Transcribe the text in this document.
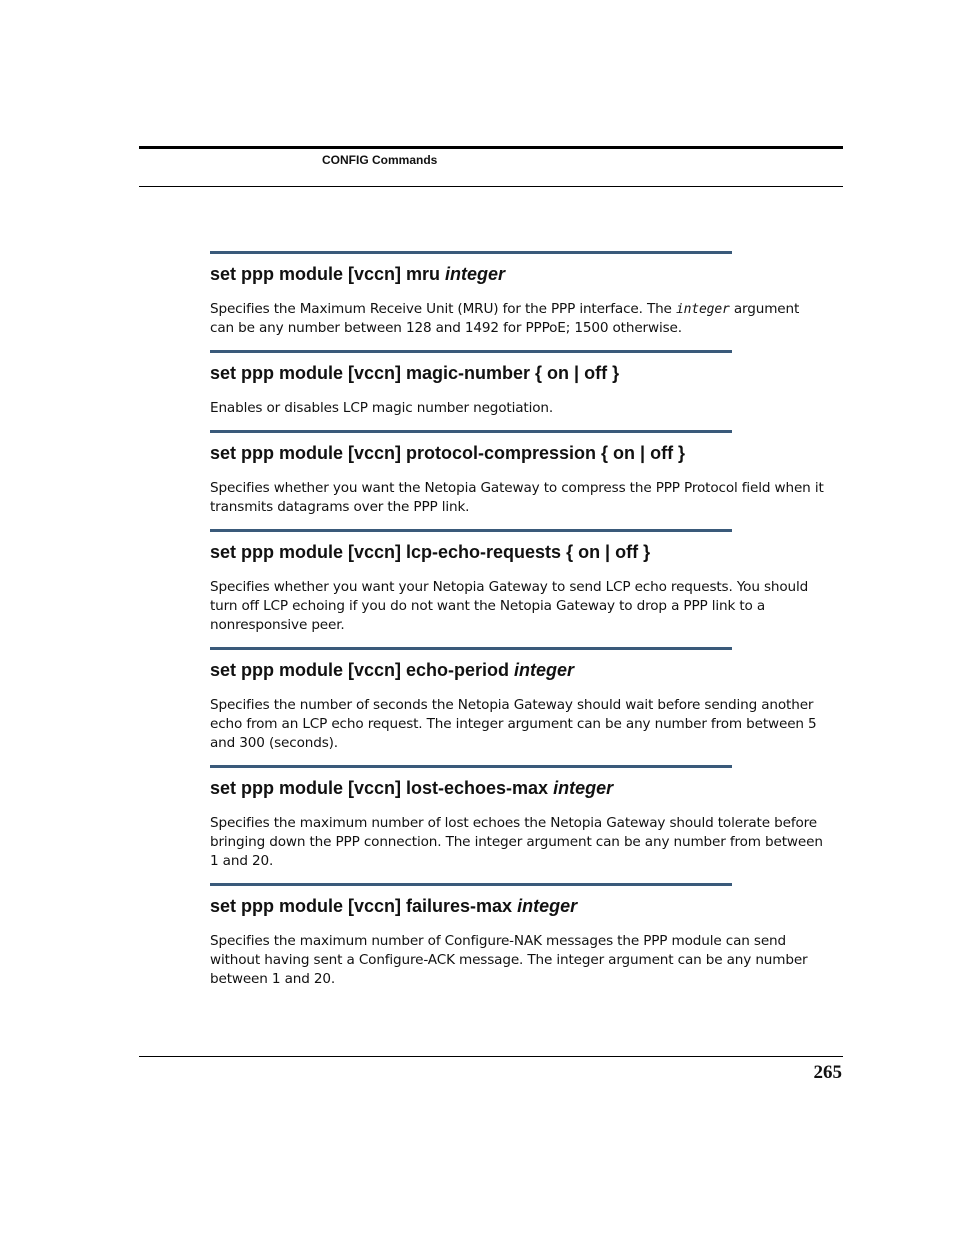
CONFIG Commands
set ppp module [vccn] mru integer
Specifies the Maximum Receive Unit (MRU) for the PPP interface. The integer argument can be any number between 128 and 1492 for PPPoE; 1500 otherwise.
set ppp module [vccn] magic-number { on | off }
Enables or disables LCP magic number negotiation.
set ppp module [vccn] protocol-compression { on | off }
Specifies whether you want the Netopia Gateway to compress the PPP Protocol field when it transmits datagrams over the PPP link.
set ppp module [vccn] lcp-echo-requests { on | off }
Specifies whether you want your Netopia Gateway to send LCP echo requests. You should turn off LCP echoing if you do not want the Netopia Gateway to drop a PPP link to a nonresponsive peer.
set ppp module [vccn] echo-period integer
Specifies the number of seconds the Netopia Gateway should wait before sending another echo from an LCP echo request. The integer argument can be any number from between 5 and 300 (seconds).
set ppp module [vccn] lost-echoes-max integer
Specifies the maximum number of lost echoes the Netopia Gateway should tolerate before bringing down the PPP connection. The integer argument can be any number from between 1 and 20.
set ppp module [vccn] failures-max integer
Specifies the maximum number of Configure-NAK messages the PPP module can send without having sent a Configure-ACK message. The integer argument can be any number between 1 and 20.
265
